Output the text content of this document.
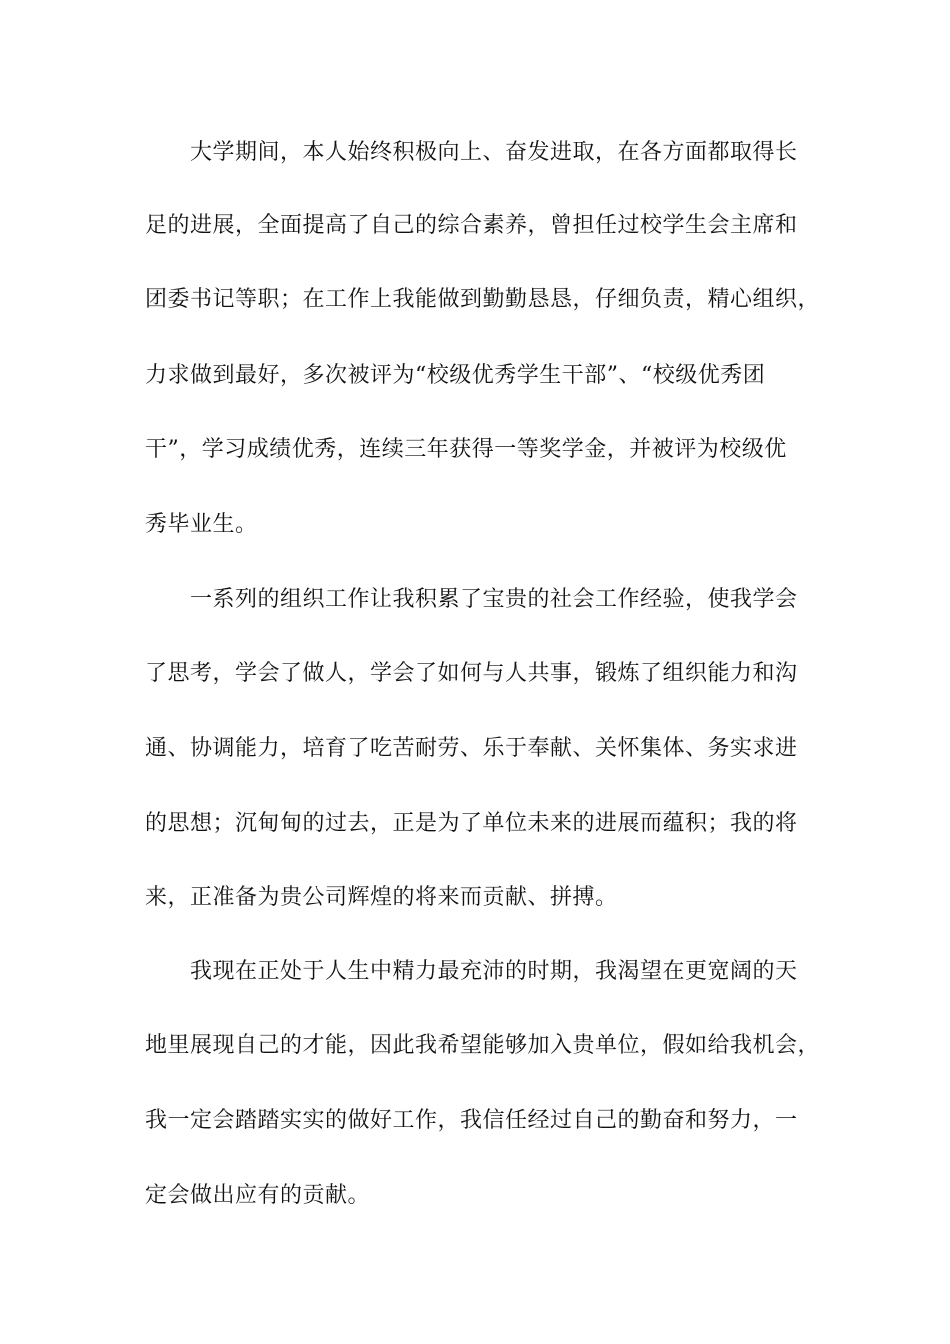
大学期间，本人始终积极向上、奋发进取，在各方面都取得长
足的进展，全面提高了自己的综合素养，曾担任过校学生会主席和
团委书记等职；在工作上我能做到勤勤恳恳，仔细负责，精心组织，
力求做到最好，多次被评为“校级优秀学生干部”、“校级优秀团
干”，学习成绩优秀，连续三年获得一等奖学金，并被评为校级优
秀毕业生。
一系列的组织工作让我积累了宝贵的社会工作经验，使我学会
了思考，学会了做人，学会了如何与人共事，锻炼了组织能力和沟
通、协调能力，培育了吃苦耐劳、乐于奉献、关怀集体、务实求进
的思想；沉甸甸的过去，正是为了单位未来的进展而蕴积；我的将
来，正准备为贵公司辉煌的将来而贡献、拼搏。
我现在正处于人生中精力最充沛的时期，我渴望在更宽阔的天
地里展现自己的才能，因此我希望能够加入贵单位，假如给我机会，
我一定会踏踏实实的做好工作，我信任经过自己的勤奋和努力，一
定会做出应有的贡献。
